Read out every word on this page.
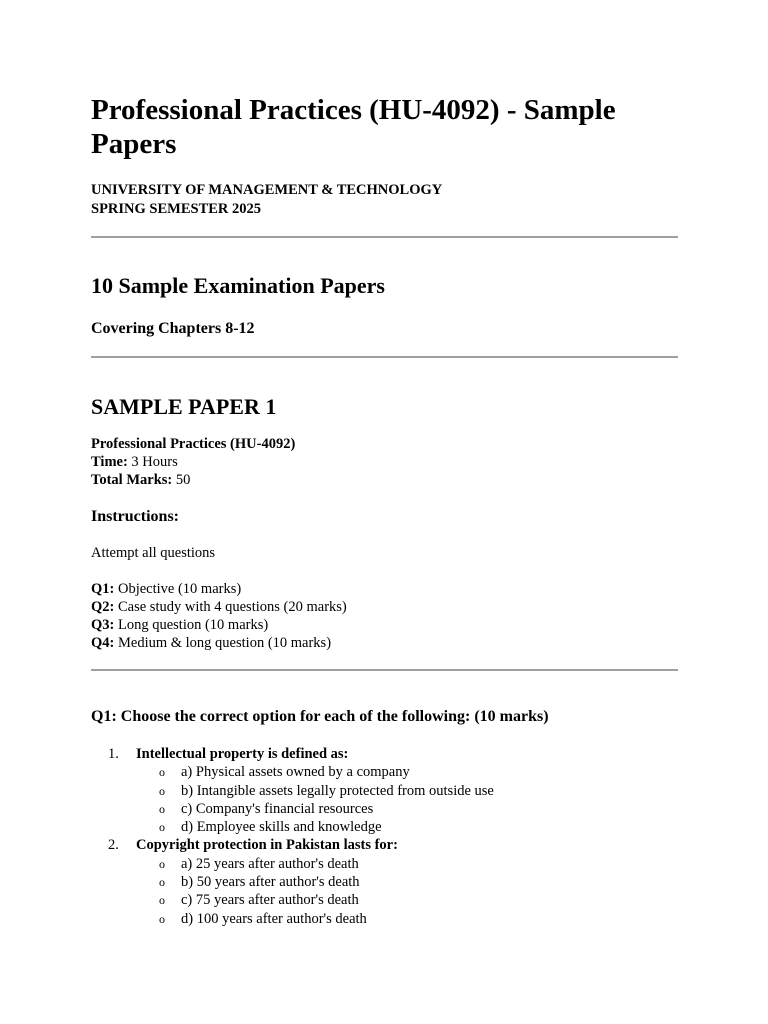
Professional Practices (HU-4092) - Sample Papers
UNIVERSITY OF MANAGEMENT & TECHNOLOGY
SPRING SEMESTER 2025
10 Sample Examination Papers
Covering Chapters 8-12
SAMPLE PAPER 1
Professional Practices (HU-4092)
Time: 3 Hours
Total Marks: 50
Instructions:
Attempt all questions
Q1: Objective (10 marks)
Q2: Case study with 4 questions (20 marks)
Q3: Long question (10 marks)
Q4: Medium & long question (10 marks)
Q1: Choose the correct option for each of the following: (10 marks)
1. Intellectual property is defined as:
o a) Physical assets owned by a company
o b) Intangible assets legally protected from outside use
o c) Company's financial resources
o d) Employee skills and knowledge
2. Copyright protection in Pakistan lasts for:
o a) 25 years after author's death
o b) 50 years after author's death
o c) 75 years after author's death
o d) 100 years after author's death
